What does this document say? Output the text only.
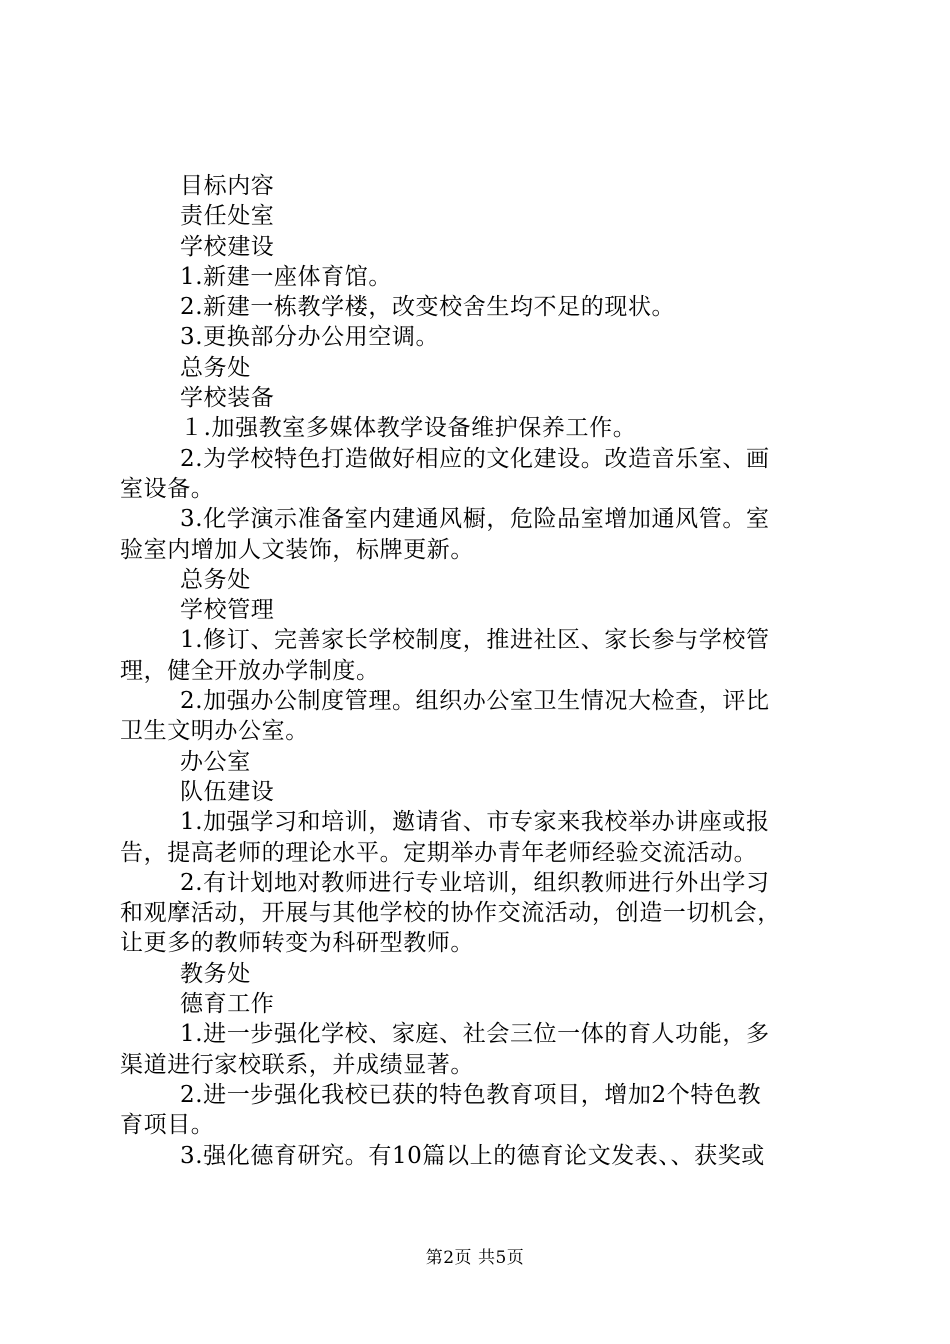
目标内容
责任处室
学校建设
1.新建一座体育馆。
2.新建一栋教学楼，改变校舍生均不足的现状。
3.更换部分办公用空调。
总务处
学校装备
１.加强教室多媒体教学设备维护保养工作。
2.为学校特色打造做好相应的文化建设。改造音乐室、画
室设备。
3.化学演示准备室内建通风橱，危险品室增加通风管。室
验室内增加人文装饰，标牌更新。
总务处
学校管理
1.修订、完善家长学校制度，推进社区、家长参与学校管
理，健全开放办学制度。
2.加强办公制度管理。组织办公室卫生情况大检查，评比
卫生文明办公室。
办公室
队伍建设
1.加强学习和培训，邀请省、市专家来我校举办讲座或报
告，提高老师的理论水平。定期举办青年老师经验交流活动。
2.有计划地对教师进行专业培训，组织教师进行外出学习
和观摩活动，开展与其他学校的协作交流活动，创造一切机会，
让更多的教师转变为科研型教师。
教务处
德育工作
1.进一步强化学校、家庭、社会三位一体的育人功能，多
渠道进行家校联系，并成绩显著。
2.进一步强化我校已获的特色教育项目，增加2个特色教
育项目。
3.强化德育研究。有10篇以上的德育论文发表、、获奖或
第2页 共5页
